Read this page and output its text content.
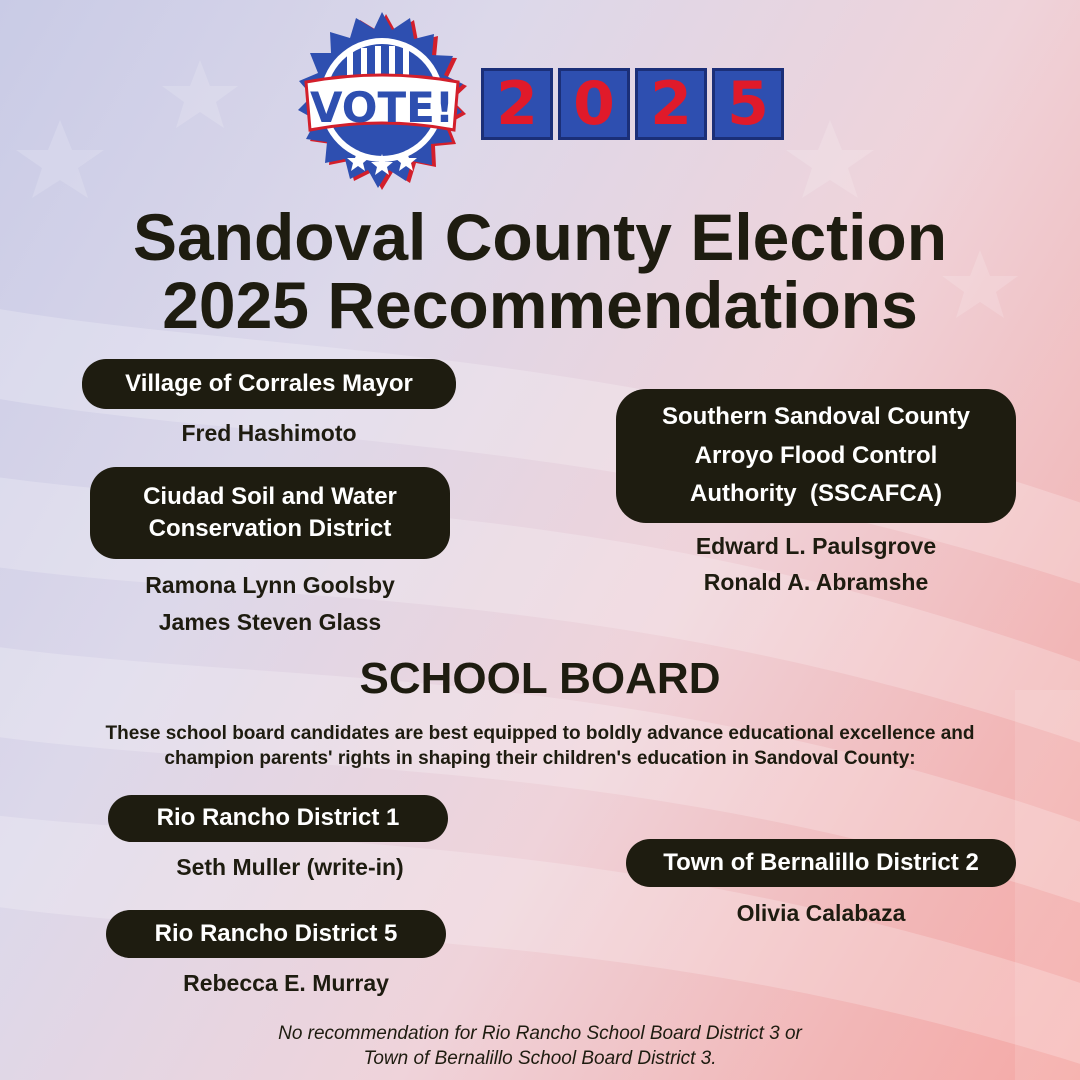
VOTE! 2 0 2 5
Sandoval County Election
2025 Recommendations
Village of Corrales Mayor
Fred Hashimoto
Ciudad Soil and Water
Conservation District
Ramona Lynn Goolsby
James Steven Glass
Southern Sandoval County
Arroyo Flood Control
Authority  (SSCAFCA)
Edward L. Paulsgrove
Ronald A. Abramshe
SCHOOL BOARD
These school board candidates are best equipped to boldly advance educational excellence and
champion parents' rights in shaping their children's education in Sandoval County:
Rio Rancho District 1
Seth Muller (write-in)
Rio Rancho District 5
Rebecca E. Murray
Town of Bernalillo District 2
Olivia Calabaza
No recommendation for Rio Rancho School Board District 3 or
Town of Bernalillo School Board District 3.
